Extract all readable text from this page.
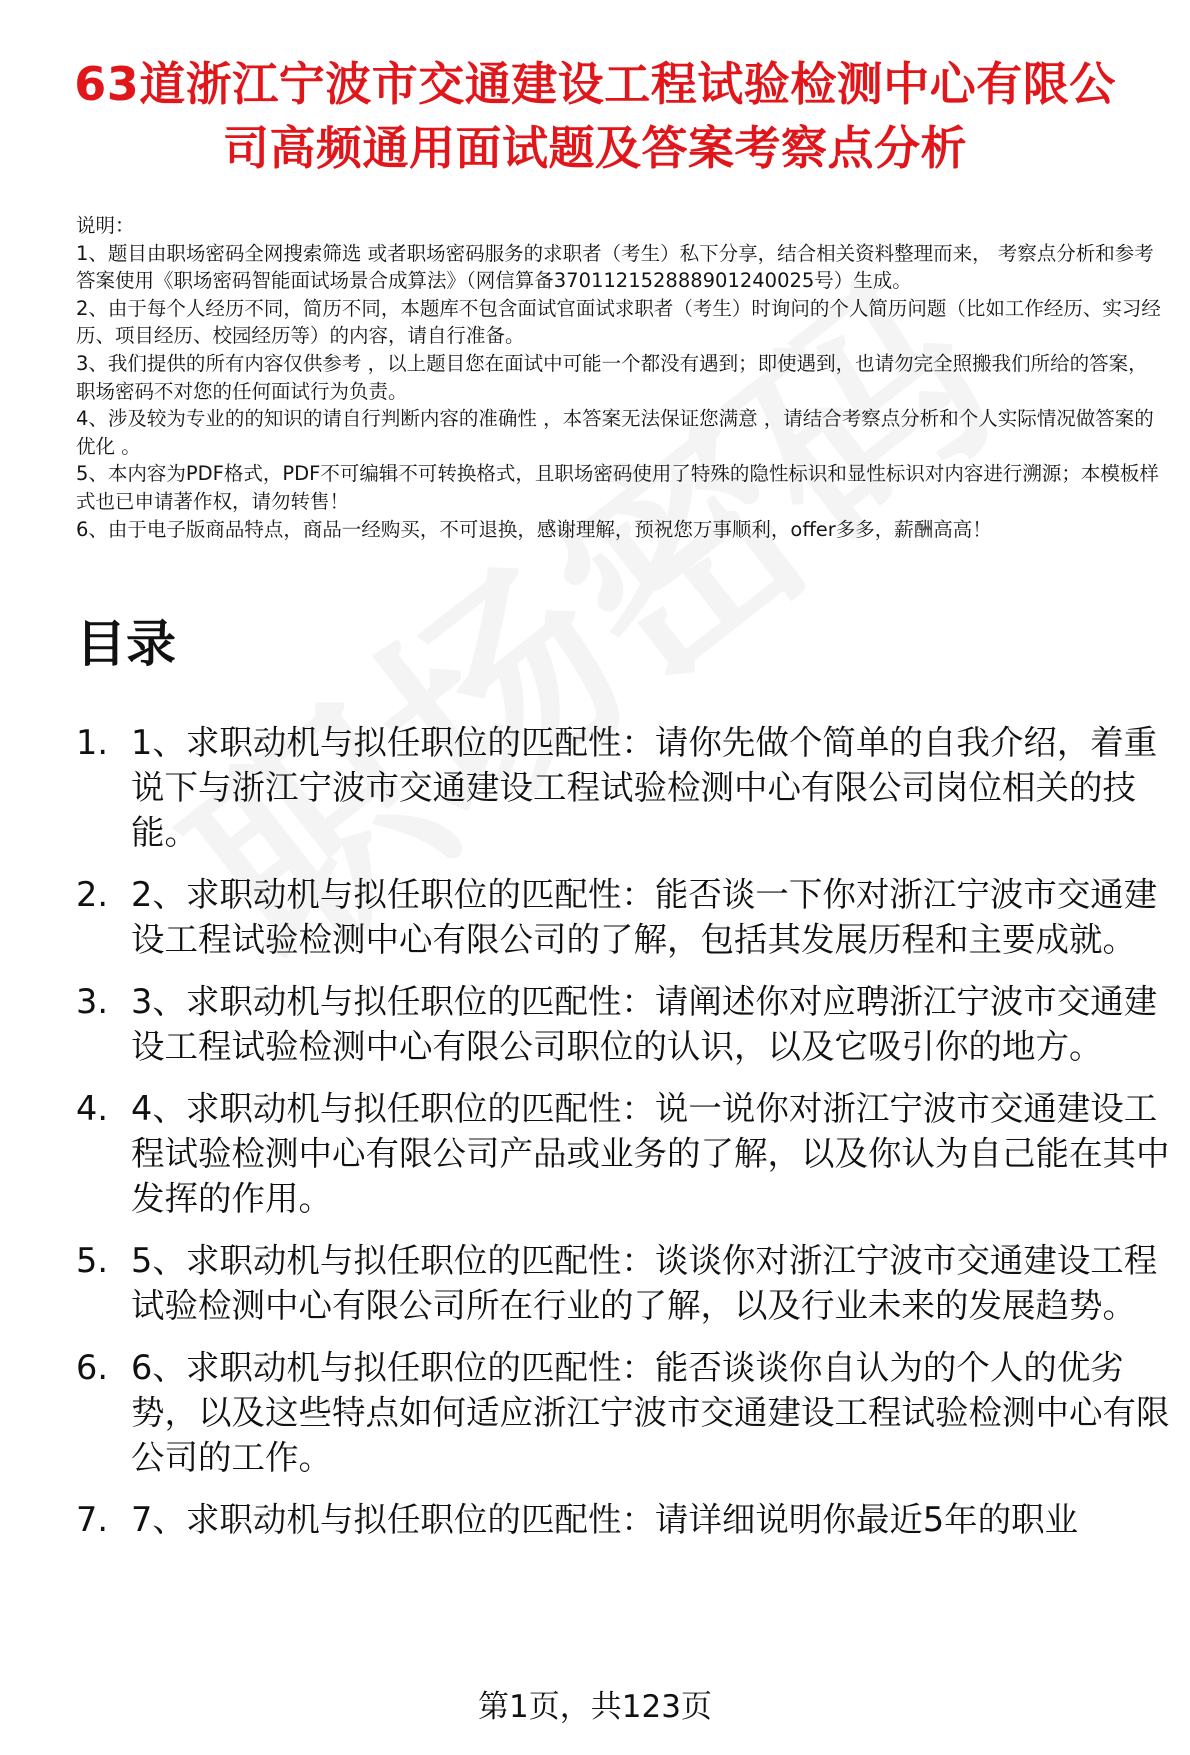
63道浙江宁波市交通建设工程试验检测中心有限公司高频通用面试题及答案考察点分析

说明：

1、题目由职场密码全网搜索筛选 或者职场密码服务的求职者（考生）私下分享，结合相关资料整理而来， 考察点分析和参考答案使用《职场密码智能面试场景合成算法》（网信算备370112152888901240025号）生成。

2、由于每个人经历不同，简历不同，本题库不包含面试官面试求职者（考生）时询问的个人简历问题（比如工作经历、实习经历、项目经历、校园经历等）的内容，请自行准备。

3、我们提供的所有内容仅供参考 ，以上题目您在面试中可能一个都没有遇到；即使遇到，也请勿完全照搬我们所给的答案，职场密码不对您的任何面试行为负责。

4、涉及较为专业的的知识的请自行判断内容的准确性 ，本答案无法保证您满意 ，请结合考察点分析和个人实际情况做答案的优化 。

5、本内容为PDF格式，PDF不可编辑不可转换格式，且职场密码使用了特殊的隐性标识和显性标识对内容进行溯源；本模板样式也已申请著作权，请勿转售！

6、由于电子版商品特点，商品一经购买，不可退换，感谢理解，预祝您万事顺利，offer多多，薪酬高高！

目录
1. 1、求职动机与拟任职位的匹配性：请你先做个简单的自我介绍，着重说下与浙江宁波市交通建设工程试验检测中心有限公司岗位相关的技能。
2. 2、求职动机与拟任职位的匹配性：能否谈一下你对浙江宁波市交通建设工程试验检测中心有限公司的了解，包括其发展历程和主要成就。
3. 3、求职动机与拟任职位的匹配性：请阐述你对应聘浙江宁波市交通建设工程试验检测中心有限公司职位的认识，以及它吸引你的地方。
4. 4、求职动机与拟任职位的匹配性：说一说你对浙江宁波市交通建设工程试验检测中心有限公司产品或业务的了解，以及你认为自己能在其中发挥的作用。
5. 5、求职动机与拟任职位的匹配性：谈谈你对浙江宁波市交通建设工程试验检测中心有限公司所在行业的了解，以及行业未来的发展趋势。
6. 6、求职动机与拟任职位的匹配性：能否谈谈你自认为的个人的优劣势，以及这些特点如何适应浙江宁波市交通建设工程试验检测中心有限公司的工作。
7. 7、求职动机与拟任职位的匹配性：请详细说明你最近5年的职业
第1页，共123页
